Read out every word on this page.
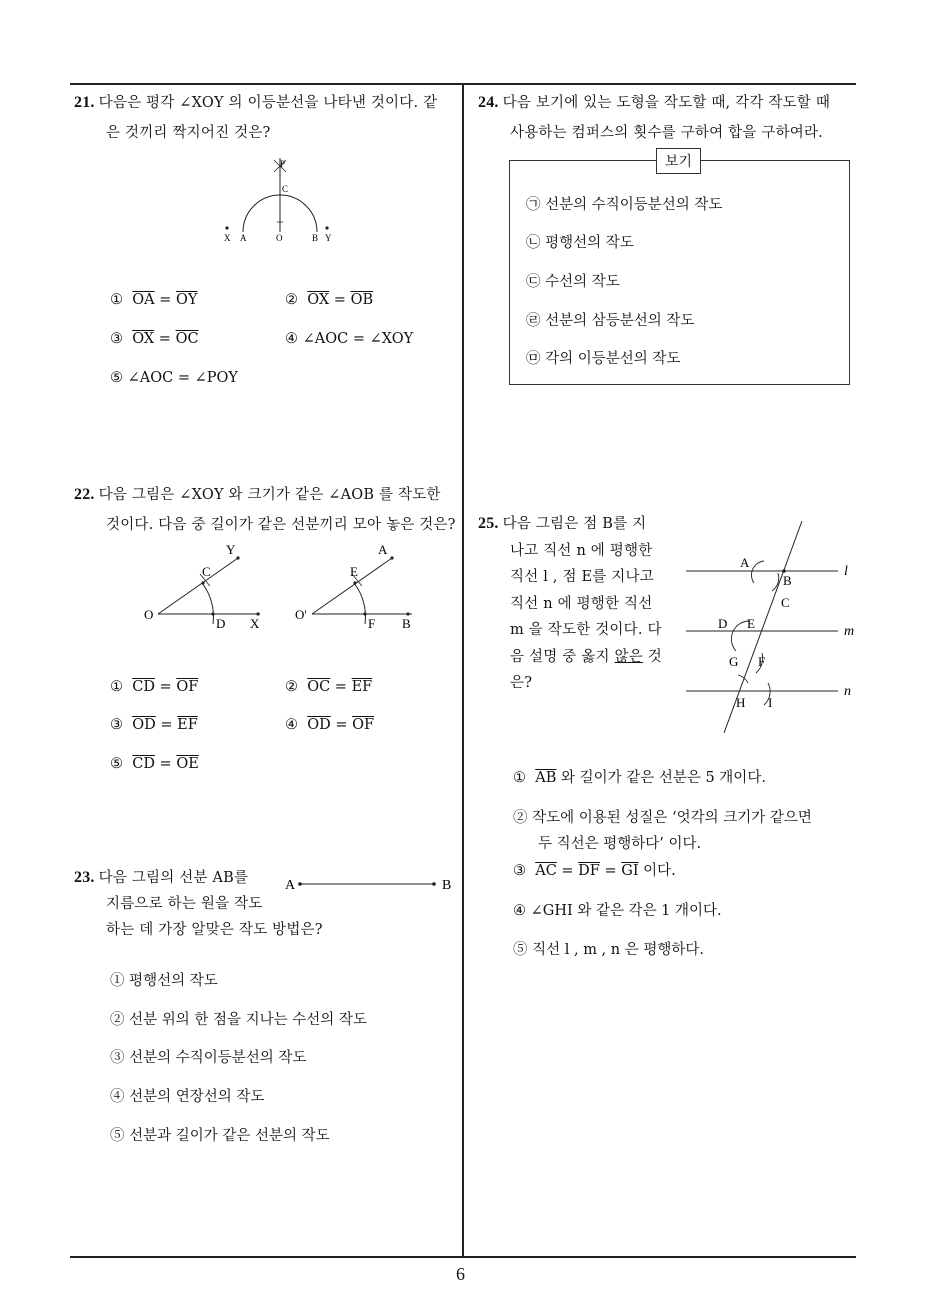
21. 다음은 평각 ∠XOY 의 이등분선을 나타낸 것이다. 같
은 것끼리 짝지어진 것은?
P
C
X A	O	B Y
① $\overline{OA} = \overline{OY}$	② $\overline{OX} = \overline{OB}$
③ $\overline{OX} = \overline{OC}$	④ ∠AOC = ∠XOY
⑤ ∠AOC = ∠POY
22. 다음 그림은 ∠XOY 와 크기가 같은 ∠AOB 를 작도한
것이다. 다음 중 길이가 같은 선분끼리 모아 놓은 것은?
O
C
Y
D X
O'
E
A
F B
① $\overline{CD} = \overline{OF}$	② $\overline{OC} = \overline{EF}$
③ $\overline{OD} = \overline{EF}$	④ $\overline{OD} = \overline{OF}$
⑤ $\overline{CD} = \overline{OE}$
23. 다음 그림의 선분 AB를
지름으로 하는 원을 작도
하는 데 가장 알맞은 작도 방법은?
A	B
① 평행선의 작도
② 선분 위의 한 점을 지나는 수선의 작도
③ 선분의 수직이등분선의 작도
④ 선분의 연장선의 작도
⑤ 선분과 길이가 같은 선분의 작도
24. 다음 보기에 있는 도형을 작도할 때, 각각 작도할 때
사용하는 컴퍼스의 횟수를 구하여 합을 구하여라.
보기
㉠ 선분의 수직이등분선의 작도
㉡ 평행선의 작도
㉢ 수선의 작도
㉣ 선분의 삼등분선의 작도
㉤ 각의 이등분선의 작도
25. 다음 그림은 점 B를 지
나고 직선 n 에 평행한
직선 l , 점 E를 지나고
직선 n 에 평행한 직선
m 을 작도한 것이다. 다
음 설명 중 옳지 않은 것
은?
A
B
C
D E
G F
H I
l
m
n
① $\overline{AB}$ 와 길이가 같은 선분은 5 개이다.
② 작도에 이용된 성질은 ‘엇각의 크기가 같으면
두 직선은 평행하다’ 이다.
③ $\overline{AC} = \overline{DF} = \overline{GI}$ 이다.
④ ∠GHI 와 같은 각은 1 개이다.
⑤ 직선 l , m , n 은 평행하다.
6
